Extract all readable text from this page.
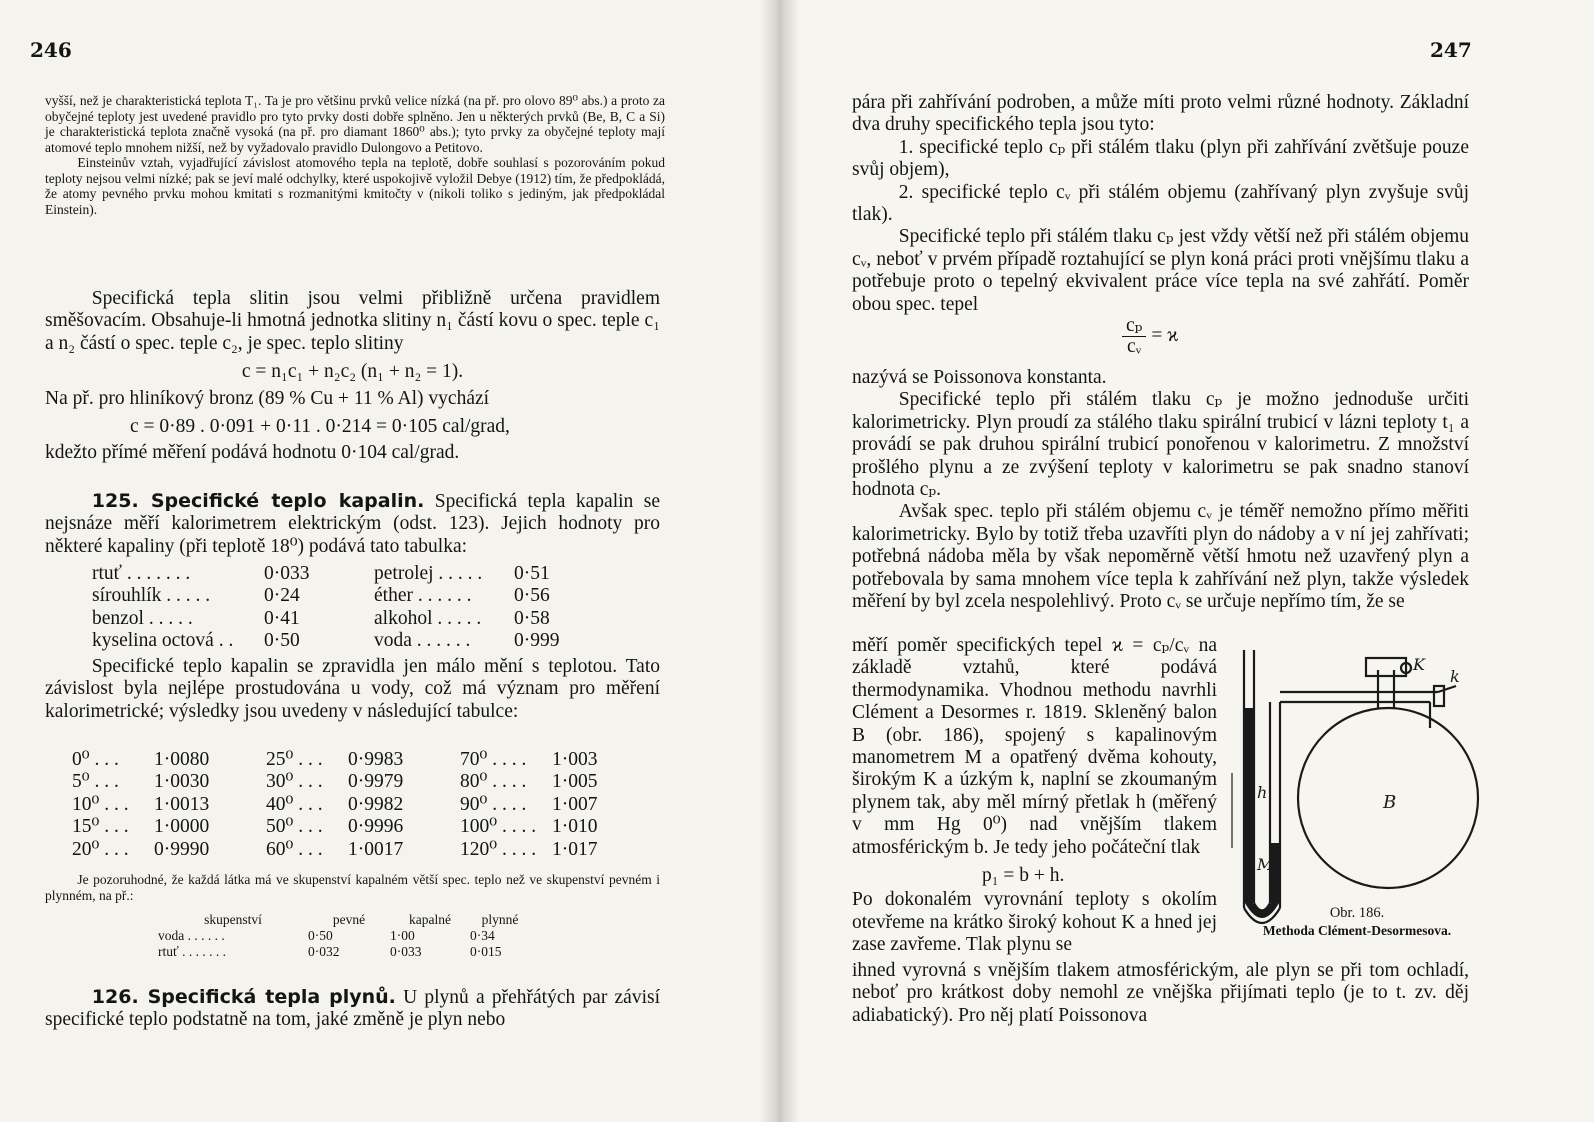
246

vyšší, než je charakteristická teplota T₁. Ta je pro většinu prvků velice nízká (na př. pro olovo 89⁰ abs.) a proto za obyčejné teploty jest uvedené pravidlo pro tyto prvky dosti dobře splněno. Jen u některých prvků (Be, B, C a Si) je charakteristická teplota značně vysoká (na př. pro diamant 1860⁰ abs.); tyto prvky za obyčejné teploty mají atomové teplo mnohem nižší, než by vyžadovalo pravidlo Dulongovo a Petitovo.

Einsteinův vztah, vyjadřující závislost atomového tepla na teplotě, dobře souhlasí s pozorováním pokud teploty nejsou velmi nízké; pak se jeví malé odchylky, které uspokojivě vyložil Debye (1912) tím, že předpokládá, že atomy pevného prvku mohou kmitati s rozmanitými kmitočty ν (nikoli toliko s jediným, jak předpokládal Einstein).

Specifická tepla slitin jsou velmi přibližně určena pravidlem směšovacím. Obsahuje-li hmotná jednotka slitiny n₁ částí kovu o spec. teple c₁ a n₂ částí o spec. teple c₂, je spec. teplo slitiny

c = n₁c₁ + n₂c₂ (n₁ + n₂ = 1).

Na př. pro hliníkový bronz (89 % Cu + 11 % Al) vychází

c = 0·89 . 0·091 + 0·11 . 0·214 = 0·105 cal/grad,

kdežto přímé měření podává hodnotu 0·104 cal/grad.

125. Specifické teplo kapalin. Specifická tepla kapalin se nejsnáze měří kalorimetrem elektrickým (odst. 123). Jejich hodnoty pro některé kapaliny (při teplotě 18⁰) podává tato tabulka:

rtuť . . . . . . .	0·033	petrolej . . . . .	0·51
sírouhlík . . . . .	0·24	éther . . . . . .	0·56
benzol . . . . .	0·41	alkohol . . . . .	0·58
kyselina octová . .	0·50	voda . . . . . .	0·999

Specifické teplo kapalin se zpravidla jen málo mění s teplotou. Tato závislost byla nejlépe prostudována u vody, což má význam pro měření kalorimetrické; výsledky jsou uvedeny v následující tabulce:

0⁰ . . .	1·0080	25⁰ . . .	0·9983	70⁰ . . . .	1·003
5⁰ . . .	1·0030	30⁰ . . .	0·9979	80⁰ . . . .	1·005
10⁰ . . .	1·0013	40⁰ . . .	0·9982	90⁰ . . . .	1·007
15⁰ . . .	1·0000	50⁰ . . .	0·9996	100⁰ . . . .	1·010
20⁰ . . .	0·9990	60⁰ . . .	1·0017	120⁰ . . . .	1·017

Je pozoruhodné, že každá látka má ve skupenství kapalném větší spec. teplo než ve skupenství pevném i plynném, na př.:

skupenství	pevné	kapalné	plynné
voda . . . . . .	0·50	1·00	0·34
rtuť . . . . . . .	0·032	0·033	0·015

126. Specifická tepla plynů. U plynů a přehřátých par závisí specifické teplo podstatně na tom, jaké změně je plyn nebo

247

pára při zahřívání podroben, a může míti proto velmi různé hodnoty. Základní dva druhy specifického tepla jsou tyto:

1. specifické teplo cₚ při stálém tlaku (plyn při zahřívání zvětšuje pouze svůj objem),

2. specifické teplo cᵥ při stálém objemu (zahřívaný plyn zvyšuje svůj tlak).

Specifické teplo při stálém tlaku cₚ jest vždy větší než při stálém objemu cᵥ, neboť v prvém případě roztahující se plyn koná práci proti vnějšímu tlaku a potřebuje proto o tepelný ekvivalent práce více tepla na své zahřátí. Poměr obou spec. tepel

$\frac{\text{cₚ}}{\text{cᵥ}} = ϰ$

nazývá se Poissonova konstanta.

Specifické teplo při stálém tlaku cₚ je možno jednoduše určiti kalorimetricky. Plyn proudí za stálého tlaku spirální trubicí v lázni teploty t₁ a provádí se pak druhou spirální trubicí ponořenou v kalorimetru. Z množství prošlého plynu a ze zvýšení teploty v kalorimetru se pak snadno stanoví hodnota cₚ.

Avšak spec. teplo při stálém objemu cᵥ je téměř nemožno přímo měřiti kalorimetricky. Bylo by totiž třeba uzavříti plyn do nádoby a v ní jej zahřívati; potřebná nádoba měla by však nepoměrně větší hmotu než uzavřený plyn a potřebovala by sama mnohem více tepla k zahřívání než plyn, takže výsledek měření by byl zcela nespolehlivý. Proto cᵥ se určuje nepřímo tím, že se

měří poměr specifických tepel ϰ = cₚ/cᵥ na základě vztahů, které podává thermodynamika. Vhodnou methodu navrhli Clément a Desormes r. 1819. Skleněný balon B (obr. 186), spojený s kapalinovým manometrem M a opatřený dvěma kohouty, širokým K a úzkým k, naplní se zkoumaným plynem tak, aby měl mírný přetlak h (měřený v mm Hg 0⁰) nad vnějším tlakem atmosférickým b. Je tedy jeho počáteční tlak

p₁ = b + h.

Po dokonalém vyrovnání teploty s okolím otevřeme na krátko široký kohout K a hned jej zase zavřeme. Tlak plynu se

ihned vyrovná s vnějším tlakem atmosférickým, ale plyn se při tom ochladí, neboť pro krátkost doby nemohl ze vnějška přijímati teplo (je to t. zv. děj adiabatický). Pro něj platí Poissonova

K
k
h
M
B
Obr. 186.
Methoda Clément-Desormesova.
